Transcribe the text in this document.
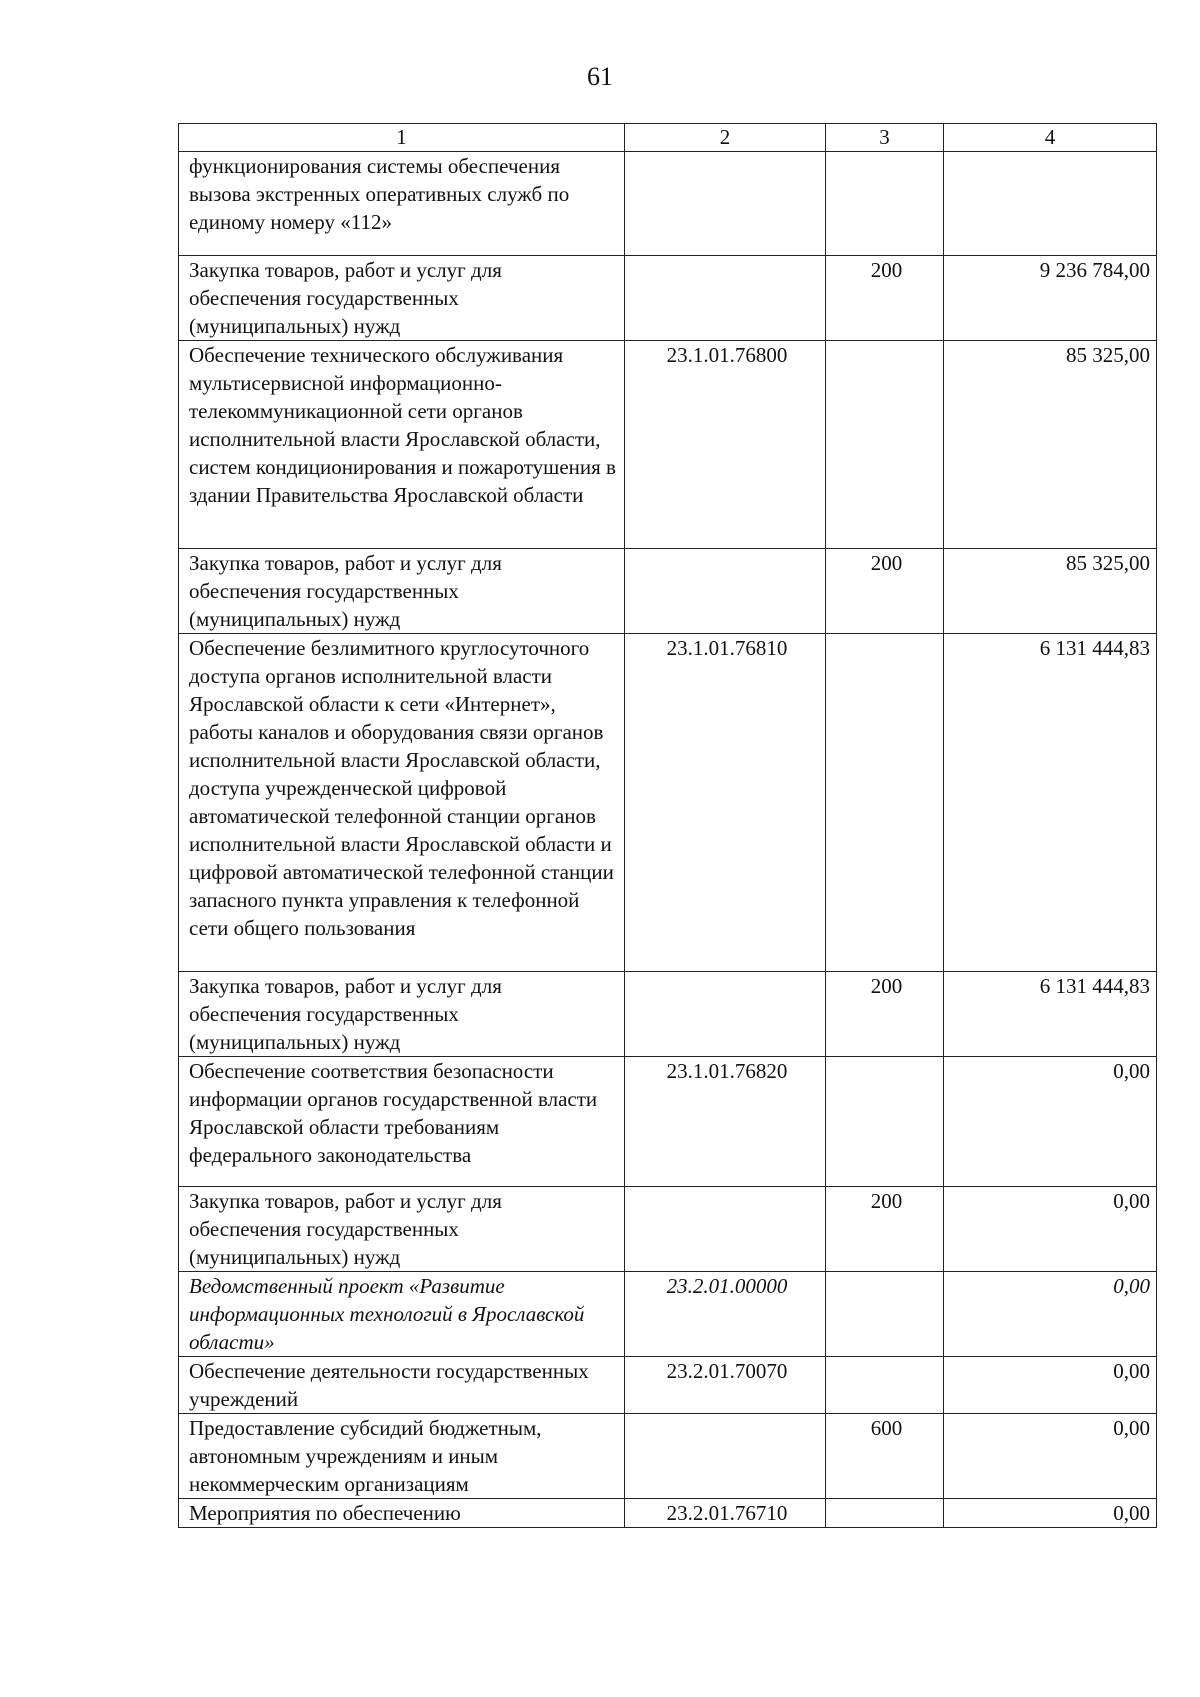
61
1	2	3	4
функционирования системы обеспечения вызова экстренных оперативных служб по единому номеру «112»			
Закупка товаров, работ и услуг для обеспечения государственных (муниципальных) нужд		200	9 236 784,00
Обеспечение технического обслуживания мультисервисной информационно-телекоммуникационной сети органов исполнительной власти Ярославской области, систем кондиционирования и пожаротушения в здании Правительства Ярославской области	23.1.01.76800		85 325,00
Закупка товаров, работ и услуг для обеспечения государственных (муниципальных) нужд		200	85 325,00
Обеспечение безлимитного круглосуточного доступа органов исполнительной власти Ярославской области к сети «Интернет», работы каналов и оборудования связи органов исполнительной власти Ярославской области, доступа учрежденческой цифровой автоматической телефонной станции органов исполнительной власти Ярославской области и цифровой автоматической телефонной станции запасного пункта управления к телефонной сети общего пользования	23.1.01.76810		6 131 444,83
Закупка товаров, работ и услуг для обеспечения государственных (муниципальных) нужд		200	6 131 444,83
Обеспечение соответствия безопасности информации органов государственной власти Ярославской области требованиям федерального законодательства	23.1.01.76820		0,00
Закупка товаров, работ и услуг для обеспечения государственных (муниципальных) нужд		200	0,00
Ведомственный проект «Развитие информационных технологий в Ярославской области»	23.2.01.00000		0,00
Обеспечение деятельности государственных учреждений	23.2.01.70070		0,00
Предоставление субсидий бюджетным, автономным учреждениям и иным некоммерческим организациям		600	0,00
Мероприятия по обеспечению	23.2.01.76710		0,00
